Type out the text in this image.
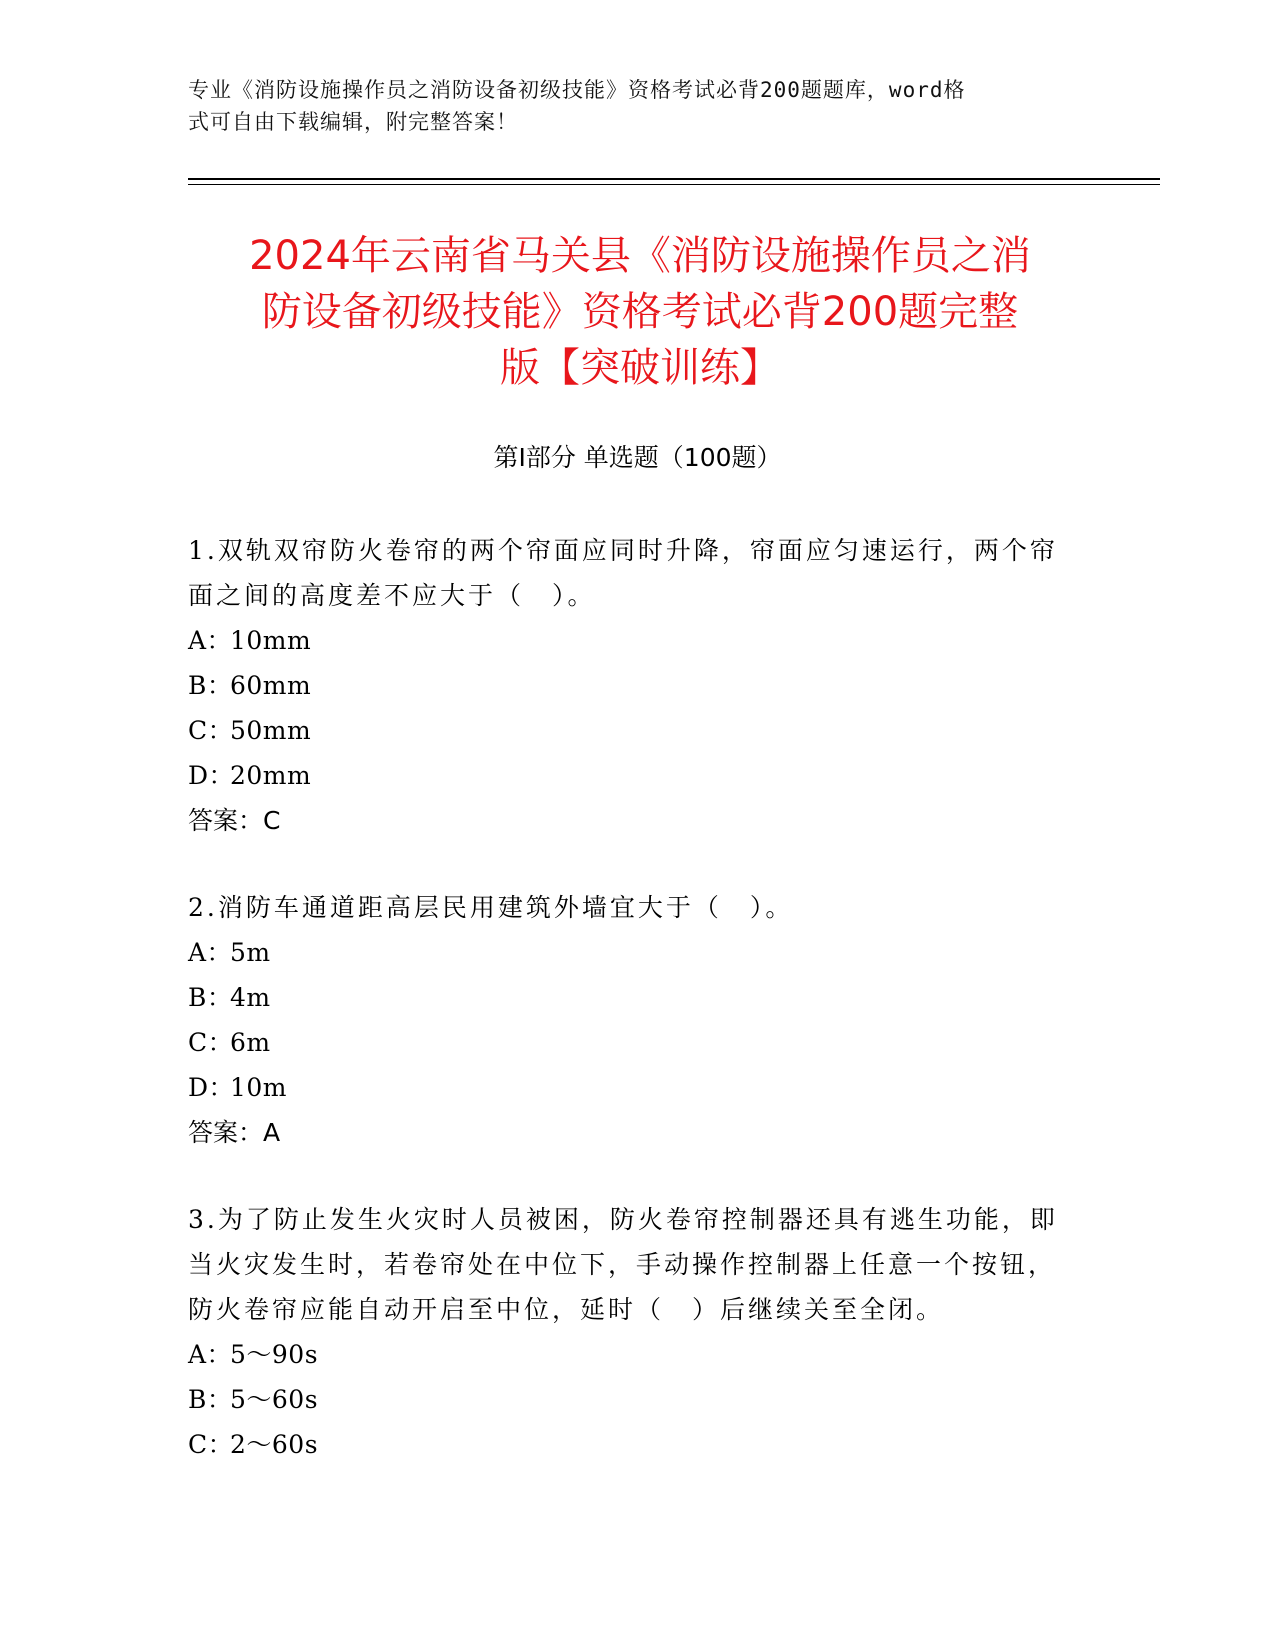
专业《消防设施操作员之消防设备初级技能》资格考试必背200题题库，word格
式可自由下载编辑，附完整答案！
2024年云南省马关县《消防设施操作员之消
防设备初级技能》资格考试必背200题完整
版【突破训练】
第Ⅰ部分 单选题（100题）

1.双轨双帘防火卷帘的两个帘面应同时升降，帘面应匀速运行，两个帘面之间的高度差不应大于（　）。

A：10mm

B：60mm

C：50mm

D：20mm

答案：C

2.消防车通道距高层民用建筑外墙宜大于（　）。

A：5m

B：4m

C：6m

D：10m

答案：A

3.为了防止发生火灾时人员被困，防火卷帘控制器还具有逃生功能，即当火灾发生时，若卷帘处在中位下，手动操作控制器上任意一个按钮，防火卷帘应能自动开启至中位，延时（　）后继续关至全闭。

A：5～90s

B：5～60s

C：2～60s
